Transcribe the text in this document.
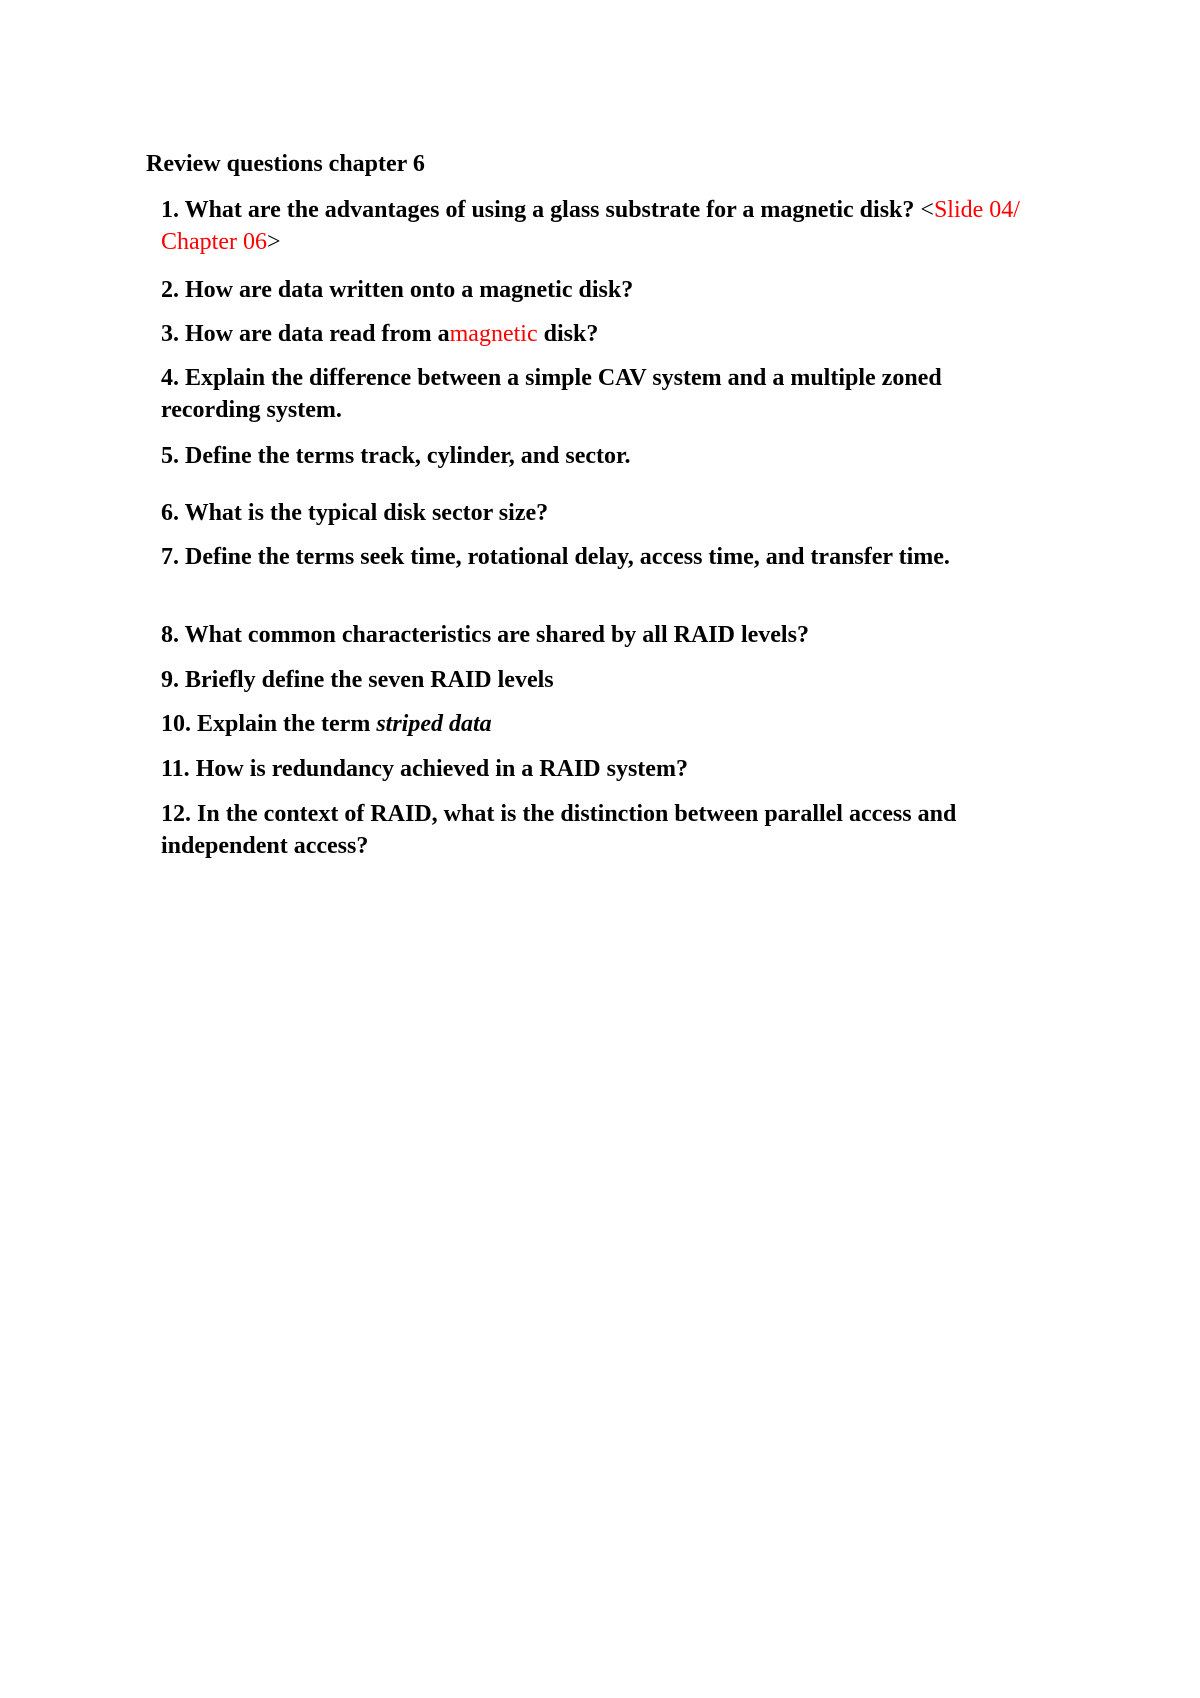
Review questions chapter 6
1. What are the advantages of using a glass substrate for a magnetic disk? <Slide 04/ Chapter 06>
2. How are data written onto a magnetic disk?
3. How are data read from amagnetic disk?
4. Explain the difference between a simple CAV system and a multiple zoned recording system.
5. Define the terms track, cylinder, and sector.
6. What is the typical disk sector size?
7. Define the terms seek time, rotational delay, access time, and transfer time.
8. What common characteristics are shared by all RAID levels?
9. Briefly define the seven RAID levels
10. Explain the term striped data
11. How is redundancy achieved in a RAID system?
12. In the context of RAID, what is the distinction between parallel access and independent access?
